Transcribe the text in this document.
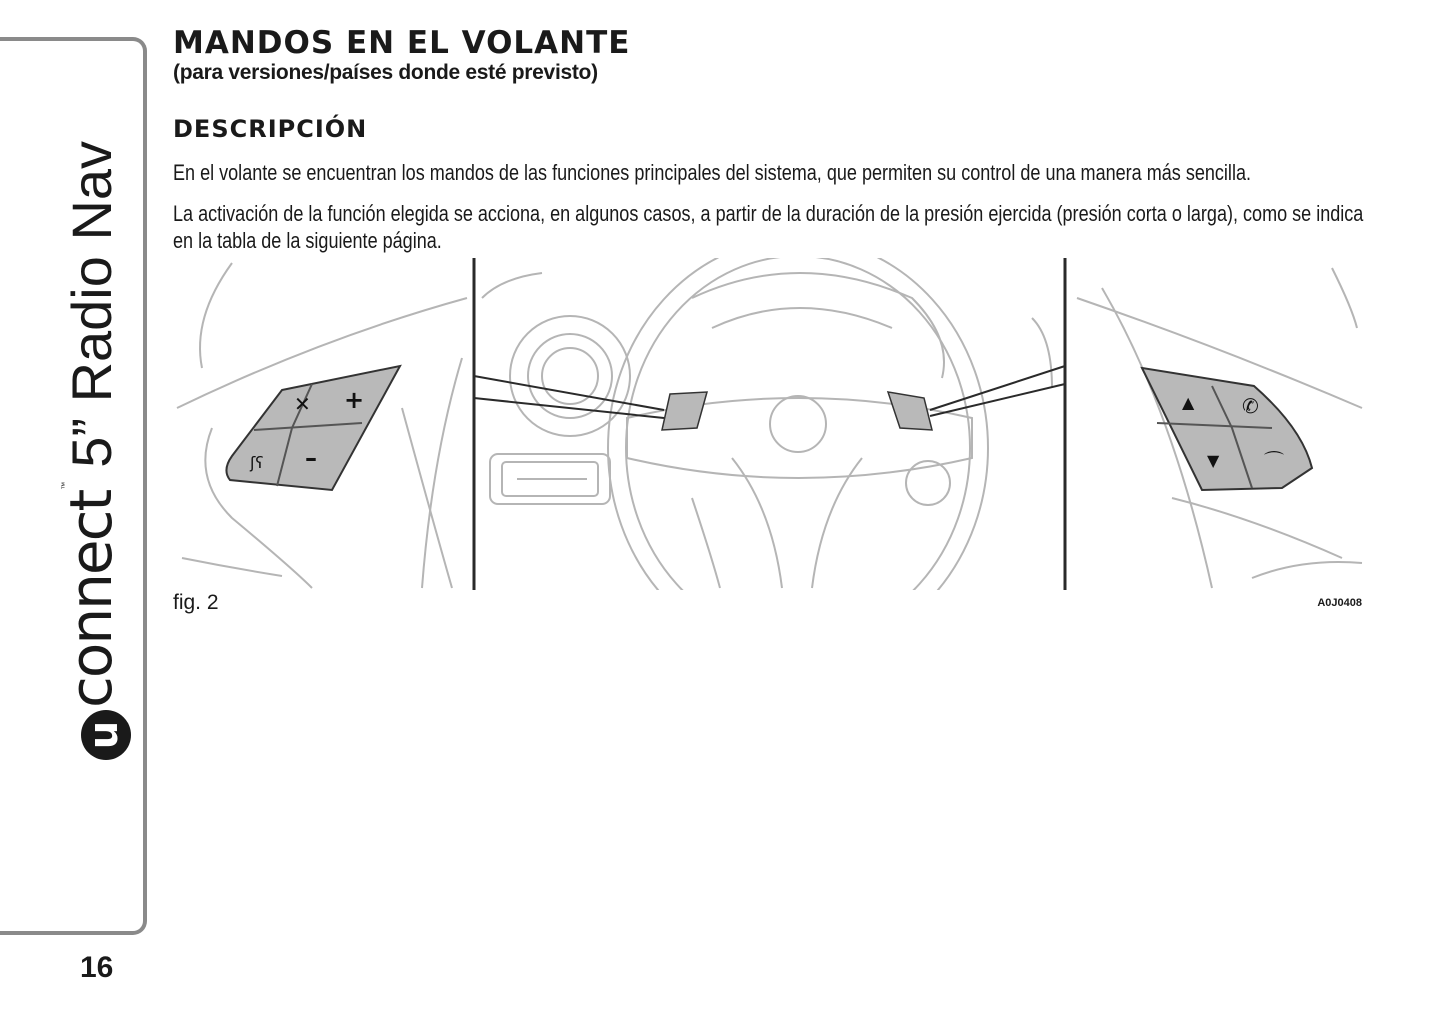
u
connect
™
5” Radio Nav
MANDOS EN EL VOLANTE

(para versiones/países donde esté previsto)

DESCRIPCIÓN

En el volante se encuentran los mandos de las funciones principales del sistema, que permiten su control de una manera más sencilla.

La activación de la función elegida se acciona, en algunos casos, a partir de la duración de la presión ejercida (presión corta o larga), como se indica en la tabla de la siguiente página.

✕ +
ʃʕ –
▲ ✆
▼ ⌒
fig. 2	A0J0408
16
